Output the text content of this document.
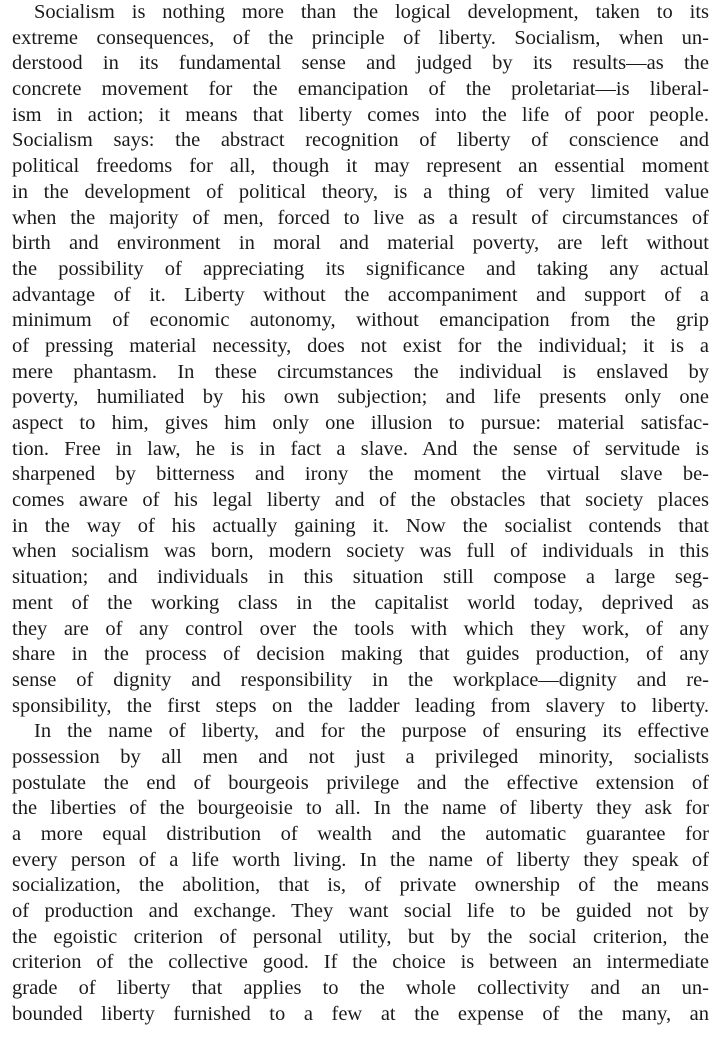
Socialism is nothing more than the logical development, taken to its
extreme consequences, of the principle of liberty. Socialism, when un-
derstood in its fundamental sense and judged by its results—as the
concrete movement for the emancipation of the proletariat—is liberal-
ism in action; it means that liberty comes into the life of poor people.
Socialism says: the abstract recognition of liberty of conscience and
political freedoms for all, though it may represent an essential moment
in the development of political theory, is a thing of very limited value
when the majority of men, forced to live as a result of circumstances of
birth and environment in moral and material poverty, are left without
the possibility of appreciating its significance and taking any actual
advantage of it. Liberty without the accompaniment and support of a
minimum of economic autonomy, without emancipation from the grip
of pressing material necessity, does not exist for the individual; it is a
mere phantasm. In these circumstances the individual is enslaved by
poverty, humiliated by his own subjection; and life presents only one
aspect to him, gives him only one illusion to pursue: material satisfac-
tion. Free in law, he is in fact a slave. And the sense of servitude is
sharpened by bitterness and irony the moment the virtual slave be-
comes aware of his legal liberty and of the obstacles that society places
in the way of his actually gaining it. Now the socialist contends that
when socialism was born, modern society was full of individuals in this
situation; and individuals in this situation still compose a large seg-
ment of the working class in the capitalist world today, deprived as
they are of any control over the tools with which they work, of any
share in the process of decision making that guides production, of any
sense of dignity and responsibility in the workplace—dignity and re-
sponsibility, the first steps on the ladder leading from slavery to liberty.
In the name of liberty, and for the purpose of ensuring its effective
possession by all men and not just a privileged minority, socialists
postulate the end of bourgeois privilege and the effective extension of
the liberties of the bourgeoisie to all. In the name of liberty they ask for
a more equal distribution of wealth and the automatic guarantee for
every person of a life worth living. In the name of liberty they speak of
socialization, the abolition, that is, of private ownership of the means
of production and exchange. They want social life to be guided not by
the egoistic criterion of personal utility, but by the social criterion, the
criterion of the collective good. If the choice is between an intermediate
grade of liberty that applies to the whole collectivity and an un-
bounded liberty furnished to a few at the expense of the many, an
